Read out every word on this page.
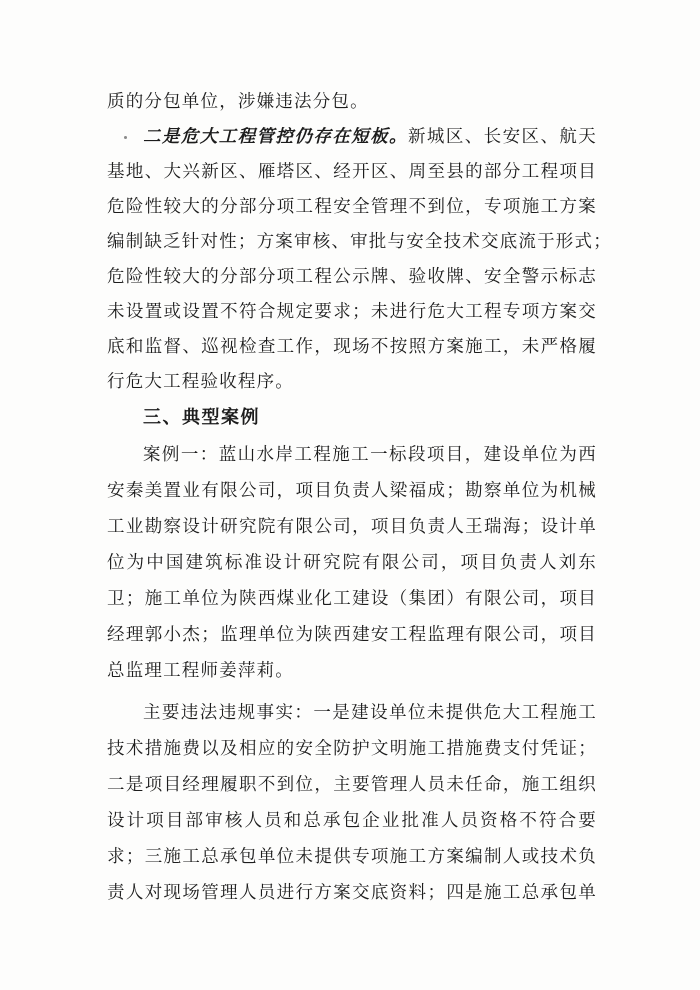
质的分包单位，涉嫌违法分包。
二是危大工程管控仍存在短板。新城区、长安区、航天
基地、大兴新区、雁塔区、经开区、周至县的部分工程项目
危险性较大的分部分项工程安全管理不到位，专项施工方案
编制缺乏针对性；方案审核、审批与安全技术交底流于形式；
危险性较大的分部分项工程公示牌、验收牌、安全警示标志
未设置或设置不符合规定要求；未进行危大工程专项方案交
底和监督、巡视检查工作，现场不按照方案施工，未严格履
行危大工程验收程序。
三、典型案例
案例一：蓝山水岸工程施工一标段项目，建设单位为西
安秦美置业有限公司，项目负责人梁福成；勘察单位为机械
工业勘察设计研究院有限公司，项目负责人王瑞海；设计单
位为中国建筑标准设计研究院有限公司，项目负责人刘东
卫；施工单位为陕西煤业化工建设（集团）有限公司，项目
经理郭小杰；监理单位为陕西建安工程监理有限公司，项目
总监理工程师姜萍莉。
主要违法违规事实：一是建设单位未提供危大工程施工
技术措施费以及相应的安全防护文明施工措施费支付凭证；
二是项目经理履职不到位，主要管理人员未任命，施工组织
设计项目部审核人员和总承包企业批准人员资格不符合要
求；三施工总承包单位未提供专项施工方案编制人或技术负
责人对现场管理人员进行方案交底资料；四是施工总承包单
